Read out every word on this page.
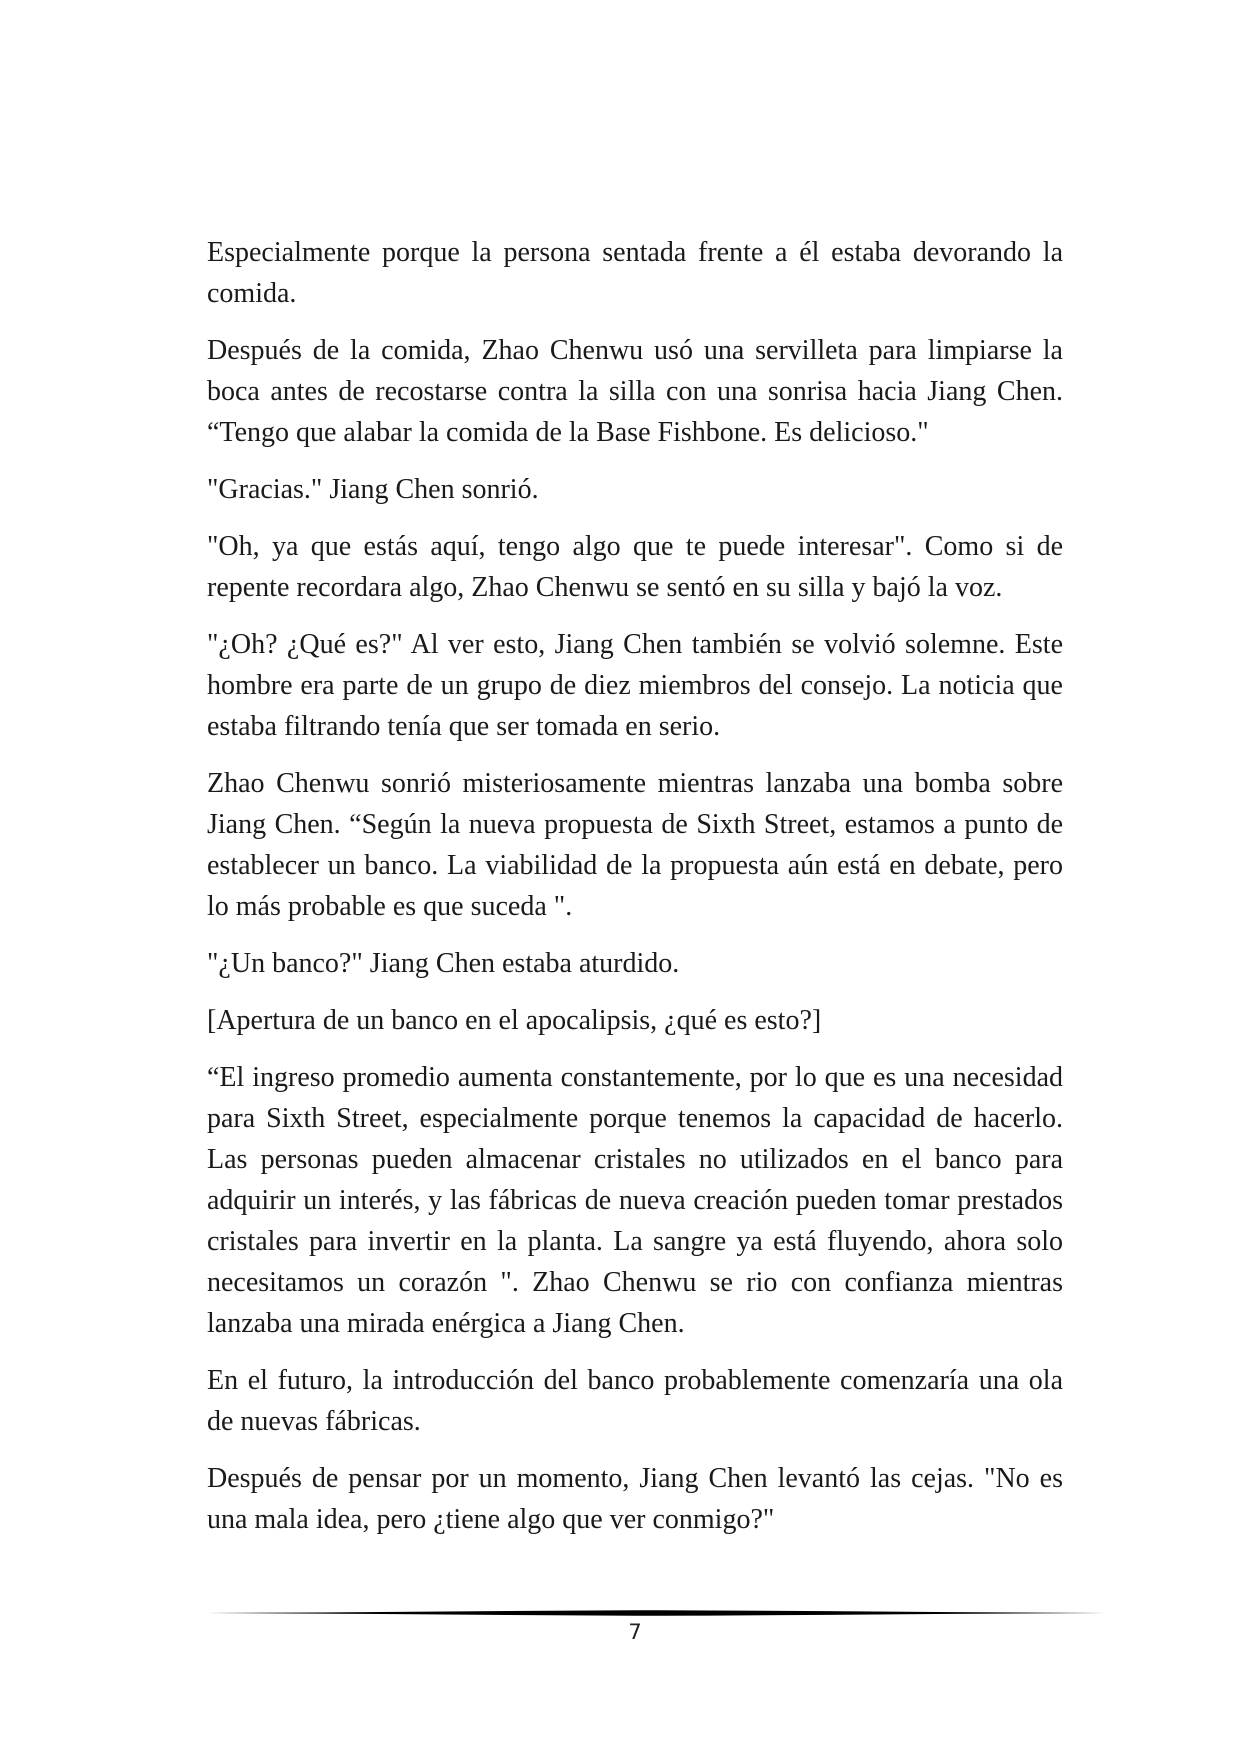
Especialmente porque la persona sentada frente a él estaba devorando la comida.

Después de la comida, Zhao Chenwu usó una servilleta para limpiarse la boca antes de recostarse contra la silla con una sonrisa hacia Jiang Chen. “Tengo que alabar la comida de la Base Fishbone. Es delicioso."

"Gracias." Jiang Chen sonrió.

"Oh, ya que estás aquí, tengo algo que te puede interesar". Como si de repente recordara algo, Zhao Chenwu se sentó en su silla y bajó la voz.

"¿Oh? ¿Qué es?" Al ver esto, Jiang Chen también se volvió solemne. Este hombre era parte de un grupo de diez miembros del consejo. La noticia que estaba filtrando tenía que ser tomada en serio.

Zhao Chenwu sonrió misteriosamente mientras lanzaba una bomba sobre Jiang Chen. “Según la nueva propuesta de Sixth Street, estamos a punto de establecer un banco. La viabilidad de la propuesta aún está en debate, pero lo más probable es que suceda ".

"¿Un banco?" Jiang Chen estaba aturdido.

[Apertura de un banco en el apocalipsis, ¿qué es esto?]

“El ingreso promedio aumenta constantemente, por lo que es una necesidad para Sixth Street, especialmente porque tenemos la capacidad de hacerlo. Las personas pueden almacenar cristales no utilizados en el banco para adquirir un interés, y las fábricas de nueva creación pueden tomar prestados cristales para invertir en la planta. La sangre ya está fluyendo, ahora solo necesitamos un corazón ". Zhao Chenwu se rio con confianza mientras lanzaba una mirada enérgica a Jiang Chen.

En el futuro, la introducción del banco probablemente comenzaría una ola de nuevas fábricas.

Después de pensar por un momento, Jiang Chen levantó las cejas. "No es una mala idea, pero ¿tiene algo que ver conmigo?"

7
